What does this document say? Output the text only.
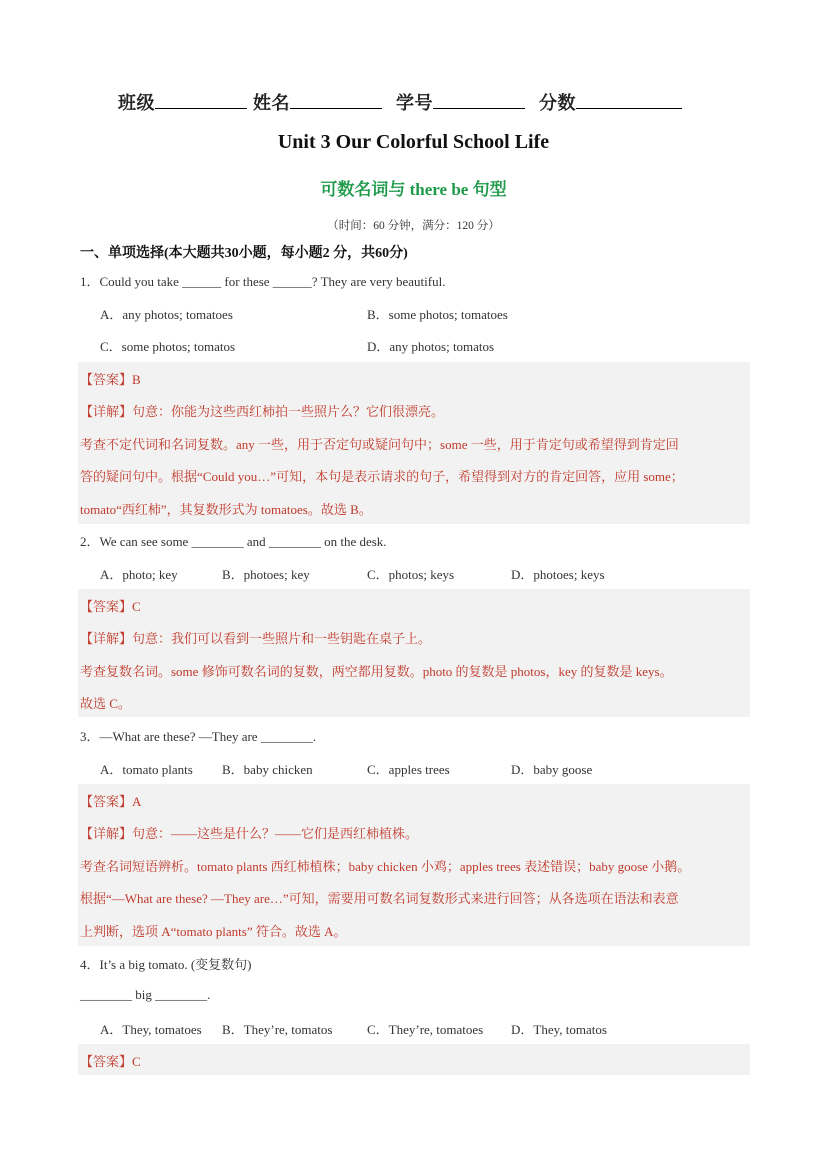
班级	姓名	学号	分数
Unit 3 Our Colorful School Life
可数名词与 there be 句型
（时间：60 分钟，满分：120 分）
一、单项选择(本大题共30小题，每小题2 分，共60分)
1．Could you take ______ for these ______? They are very beautiful.
A．any photos; tomatoes	B．some photos; tomatoes
C．some photos; tomatos	D．any photos; tomatos
【答案】B
【详解】句意：你能为这些西红柿拍一些照片么？它们很漂亮。
考查不定代词和名词复数。any 一些，用于否定句或疑问句中；some 一些，用于肯定句或希望得到肯定回
答的疑问句中。根据“Could you…”可知，本句是表示请求的句子，希望得到对方的肯定回答，应用 some；
tomato“西红柿”，其复数形式为 tomatoes。故选 B。
2．We can see some ________ and ________ on the desk.
A．photo; key	B．photoes; key	C．photos; keys	D．photoes; keys
【答案】C
【详解】句意：我们可以看到一些照片和一些钥匙在桌子上。
考查复数名词。some 修饰可数名词的复数，两空都用复数。photo 的复数是 photos，key 的复数是 keys。
故选 C。
3．—What are these? —They are ________.
A．tomato plants B．baby chicken	C．apples trees	D．baby goose
【答案】A
【详解】句意：——这些是什么？——它们是西红柿植株。
考查名词短语辨析。tomato plants 西红柿植株；baby chicken 小鸡；apples trees 表述错误；baby goose 小鹅。
根据“—What are these? —They are…”可知，需要用可数名词复数形式来进行回答；从各选项在语法和表意
上判断，选项 A“tomato plants” 符合。故选 A。
4．It’s a big tomato. (变复数句)
________ big ________.
A．They, tomatoes B．They’re, tomatos	C．They’re, tomatoes D．They, tomatos
【答案】C
